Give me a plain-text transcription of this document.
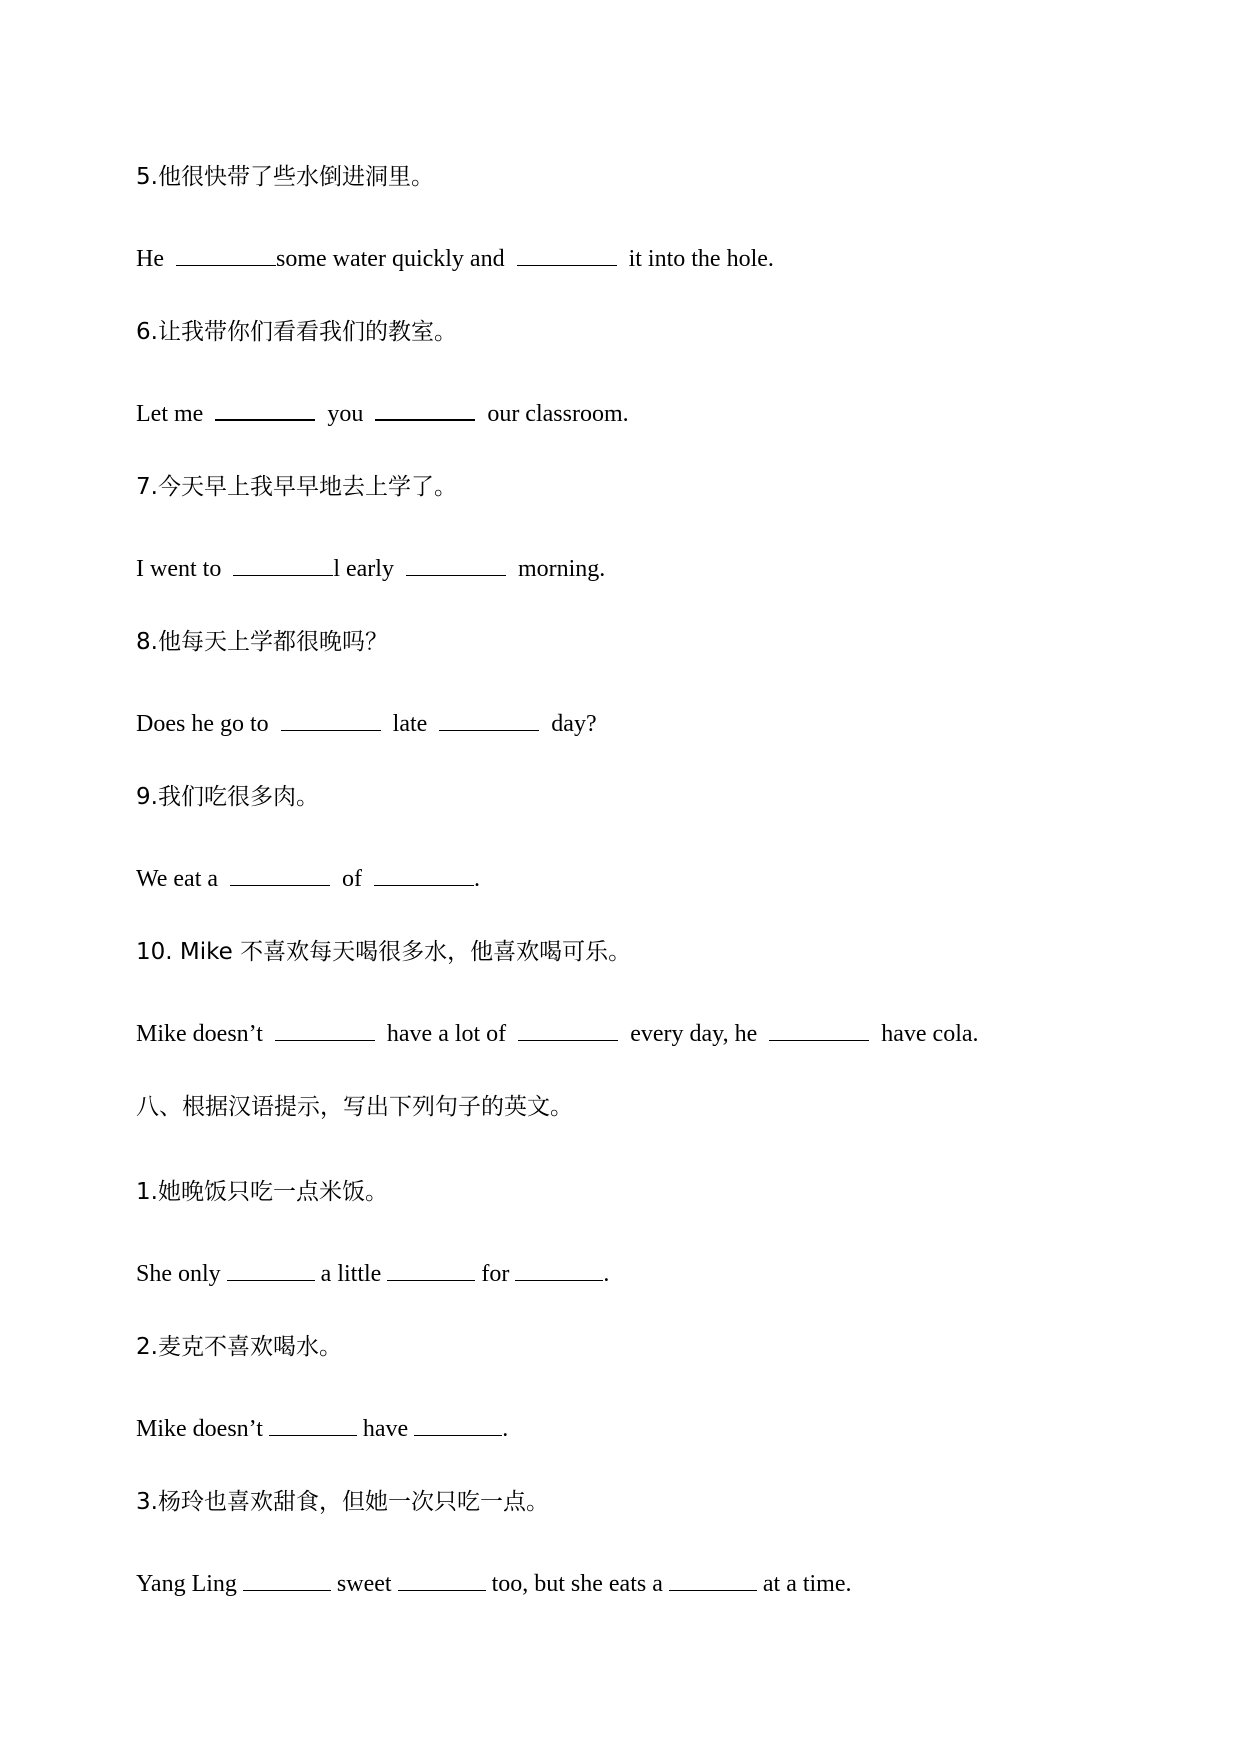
5.他很快带了些水倒进洞里。
He	some water quickly and	it into the hole.
6.让我带你们看看我们的教室。
Let me	you	our classroom.
7.今天早上我早早地去上学了。
I went to	l early	morning.
8.他每天上学都很晚吗？
Does he go to	late	day?
9.我们吃很多肉。
We eat a	of	.
10. Mike 不喜欢每天喝很多水，他喜欢喝可乐。
Mike doesn’t	have a lot of	every day, he	have cola.
八、根据汉语提示，写出下列句子的英文。
1.她晚饭只吃一点米饭。
She only	a little	for	.
2.麦克不喜欢喝水。
Mike doesn’t	have	.
3.杨玲也喜欢甜食，但她一次只吃一点。
Yang Ling	sweet	too, but she eats a	at a time.
